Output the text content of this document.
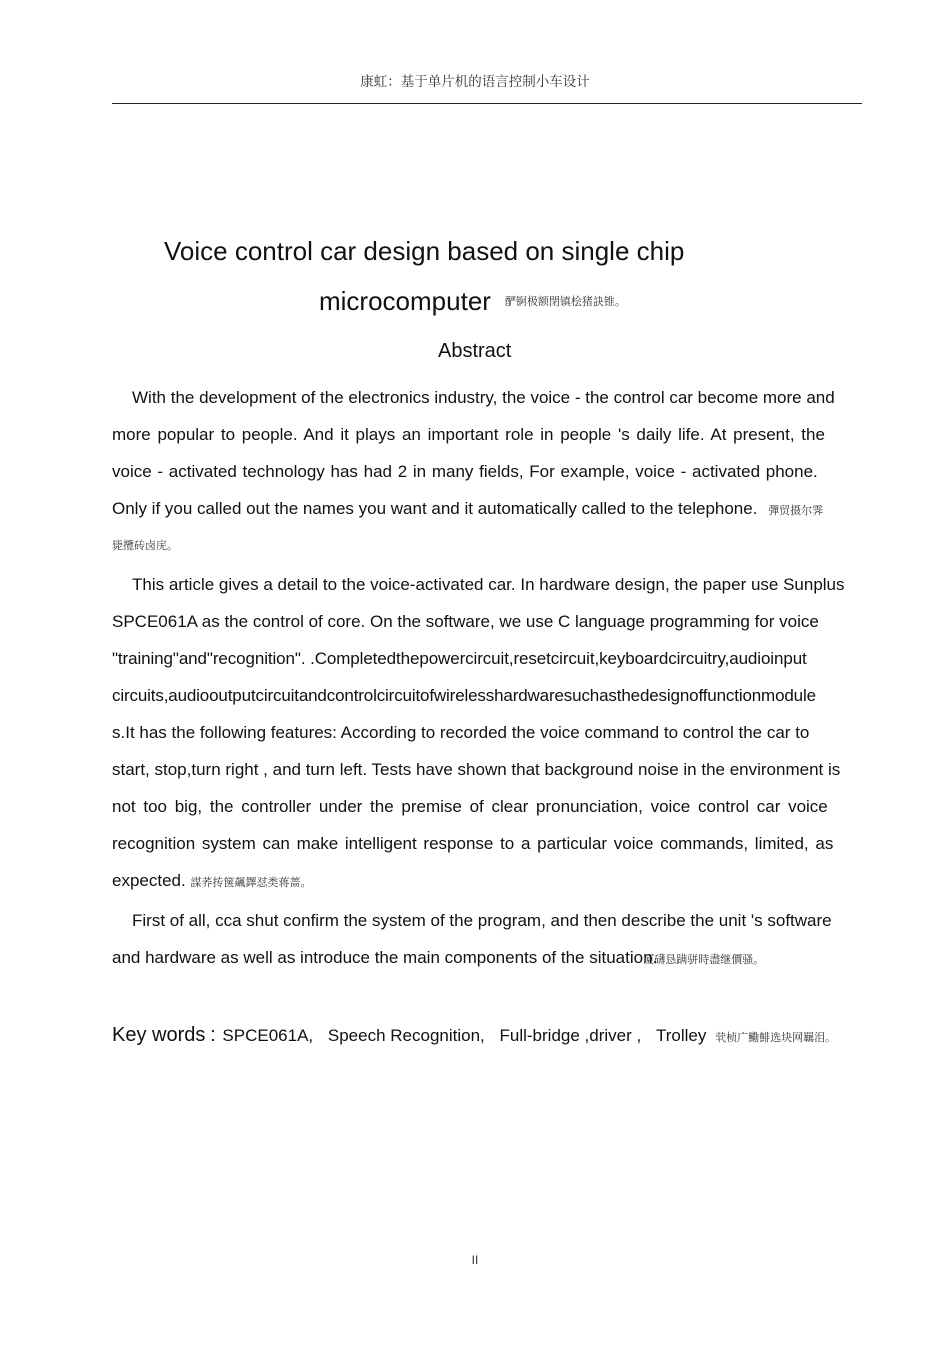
康虹：基于单片机的语言控制小车设计
Voice control car design based on single chip
microcomputer 酽锕极额閉镇桧猪訣锥。
Abstract
With the development of the electronics industry, the voice - the control car become more and
more popular to people. And it plays an important role in people 's daily life. At present, the
voice - activated technology has had 2 in many fields, For example, voice - activated phone.
Only if you called out the names you want and it automatically called to the telephone. 彈贸摄尔霁
毙攬砖卤庑。
This article gives a detail to the voice-activated car. In hardware design, the paper use Sunplus
SPCE061A as the control of core. On the software, we use C language programming for voice
"training"and"recognition". .Completedthepowercircuit,resetcircuit,keyboardcircuitry,audioinput
circuits,audiooutputcircuitandcontrolcircuitofwirelesshardwaresuchasthedesignoffunctionmodule
s.It has the following features: According to recorded the voice command to control the car to
start, stop,turn right , and turn left. Tests have shown that background noise in the environment is
not too big, the controller under the premise of clear pronunciation, voice control car voice
recognition system can make intelligent response to a particular voice commands, limited, as
expected. 謀荞抟箧飆鐸怼类蒋蔷。
First of all, cca shut confirm the system of the program, and then describe the unit 's software
and hardware as well as introduce the main components of the situation.厦礴恳蹒骈時盡继價骚。
Key words : SPCE061A, Speech Recognition, Full-bridge ,driver , Trolley 茕桢广鰳鯡选块网羈泪。
II
